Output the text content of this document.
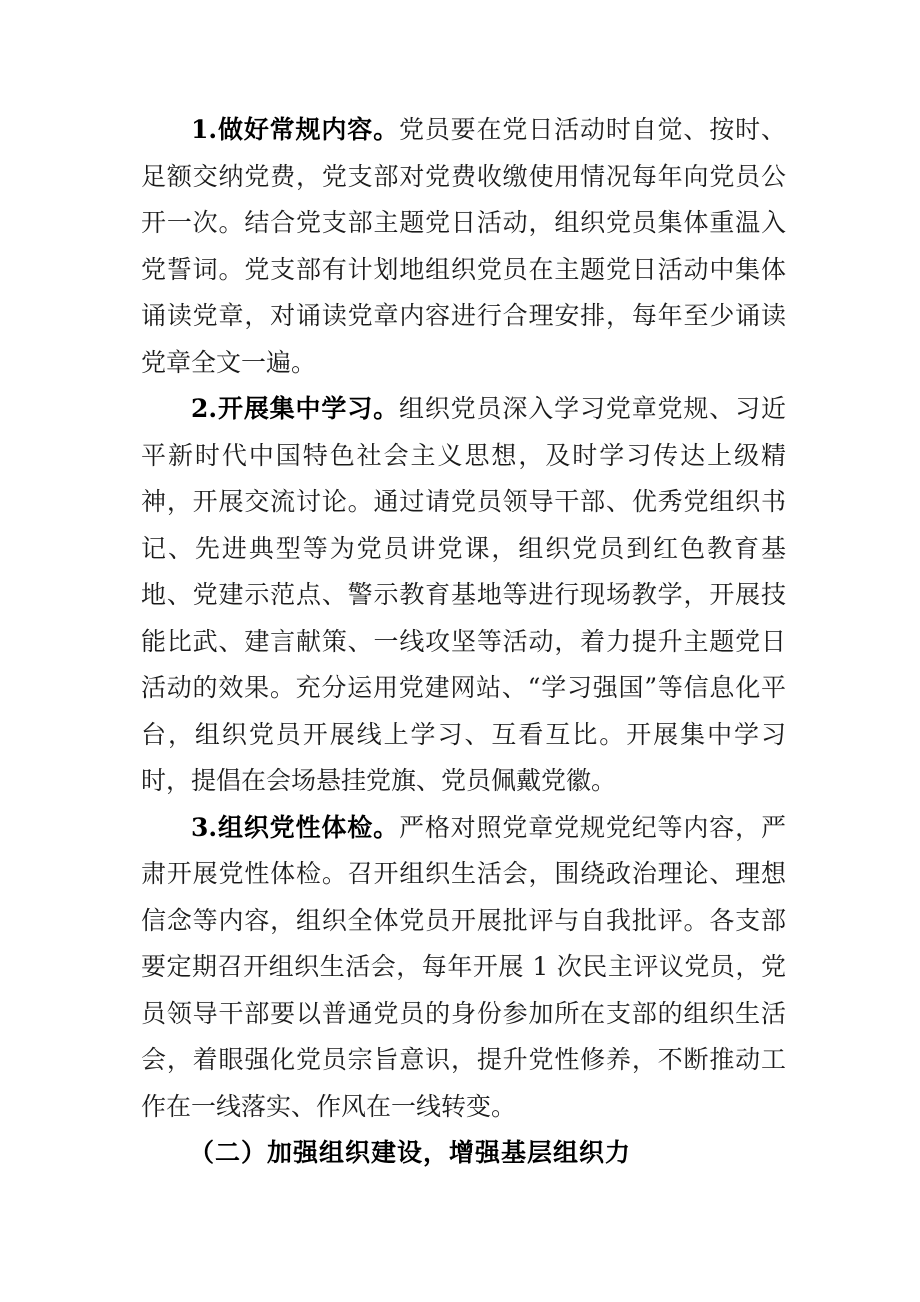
1.做好常规内容。党员要在党日活动时自觉、按时、足额交纳党费，党支部对党费收缴使用情况每年向党员公开一次。结合党支部主题党日活动，组织党员集体重温入党誓词。党支部有计划地组织党员在主题党日活动中集体诵读党章，对诵读党章内容进行合理安排，每年至少诵读党章全文一遍。

2.开展集中学习。组织党员深入学习党章党规、习近平新时代中国特色社会主义思想，及时学习传达上级精神，开展交流讨论。通过请党员领导干部、优秀党组织书记、先进典型等为党员讲党课，组织党员到红色教育基地、党建示范点、警示教育基地等进行现场教学，开展技能比武、建言献策、一线攻坚等活动，着力提升主题党日活动的效果。充分运用党建网站、“学习强国”等信息化平台，组织党员开展线上学习、互看互比。开展集中学习时，提倡在会场悬挂党旗、党员佩戴党徽。

3.组织党性体检。严格对照党章党规党纪等内容，严肃开展党性体检。召开组织生活会，围绕政治理论、理想信念等内容，组织全体党员开展批评与自我批评。各支部要定期召开组织生活会，每年开展 1 次民主评议党员，党员领导干部要以普通党员的身份参加所在支部的组织生活会，着眼强化党员宗旨意识，提升党性修养，不断推动工作在一线落实、作风在一线转变。

（二）加强组织建设，增强基层组织力
